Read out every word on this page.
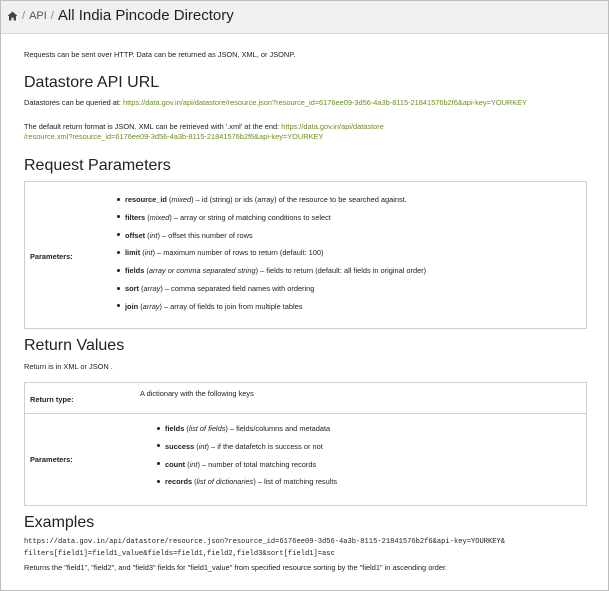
/ API / All India Pincode Directory
Requests can be sent over HTTP. Data can be returned as JSON, XML, or JSONP.
Datastore API URL
Datastores can be queried at: https://data.gov.in/api/datastore/resource.json?resource_id=6176ee09-3d56-4a3b-8115-21841576b2f6&api-key=YOURKEY
The default return format is JSON. XML can be retrieved with '.xml' at the end: https://data.gov.in/api/datastore
/resource.xml?resource_id=6176ee09-3d56-4a3b-8115-21841576b2f6&api-key=YOURKEY
Request Parameters
Parameters:
resource_id (mixed) – id (string) or ids (array) of the resource to be searched against.
filters (mixed) – array or string of matching conditions to select
offset (int) – offset this number of rows
limit (int) – maximum number of rows to return (default: 100)
fields (array or comma separated string) – fields to return (default: all fields in original order)
sort (array) – comma separated field names with ordering
join (array) – array of fields to join from multiple tables
Return Values
Return is in XML or JSON .
Return type:
A dictionary with the following keys
Parameters:
fields (list of fields) – fields/columns and metadata
success (int) – if the datafetch is success or not
count (int) – number of total matching records
records (list of dictionaries) – list of matching results
Examples
https://data.gov.in/api/datastore/resource.json?resource_id=6176ee09-3d56-4a3b-8115-21841576b2f6&api-key=YOURKEY&
filters[field1]=field1_value&fields=field1,field2,field3&sort[field1]=asc
Returns the "field1", "field2", and "field3" fields for "field1_value" from specified resource sorting by the "field1" in ascending order.
